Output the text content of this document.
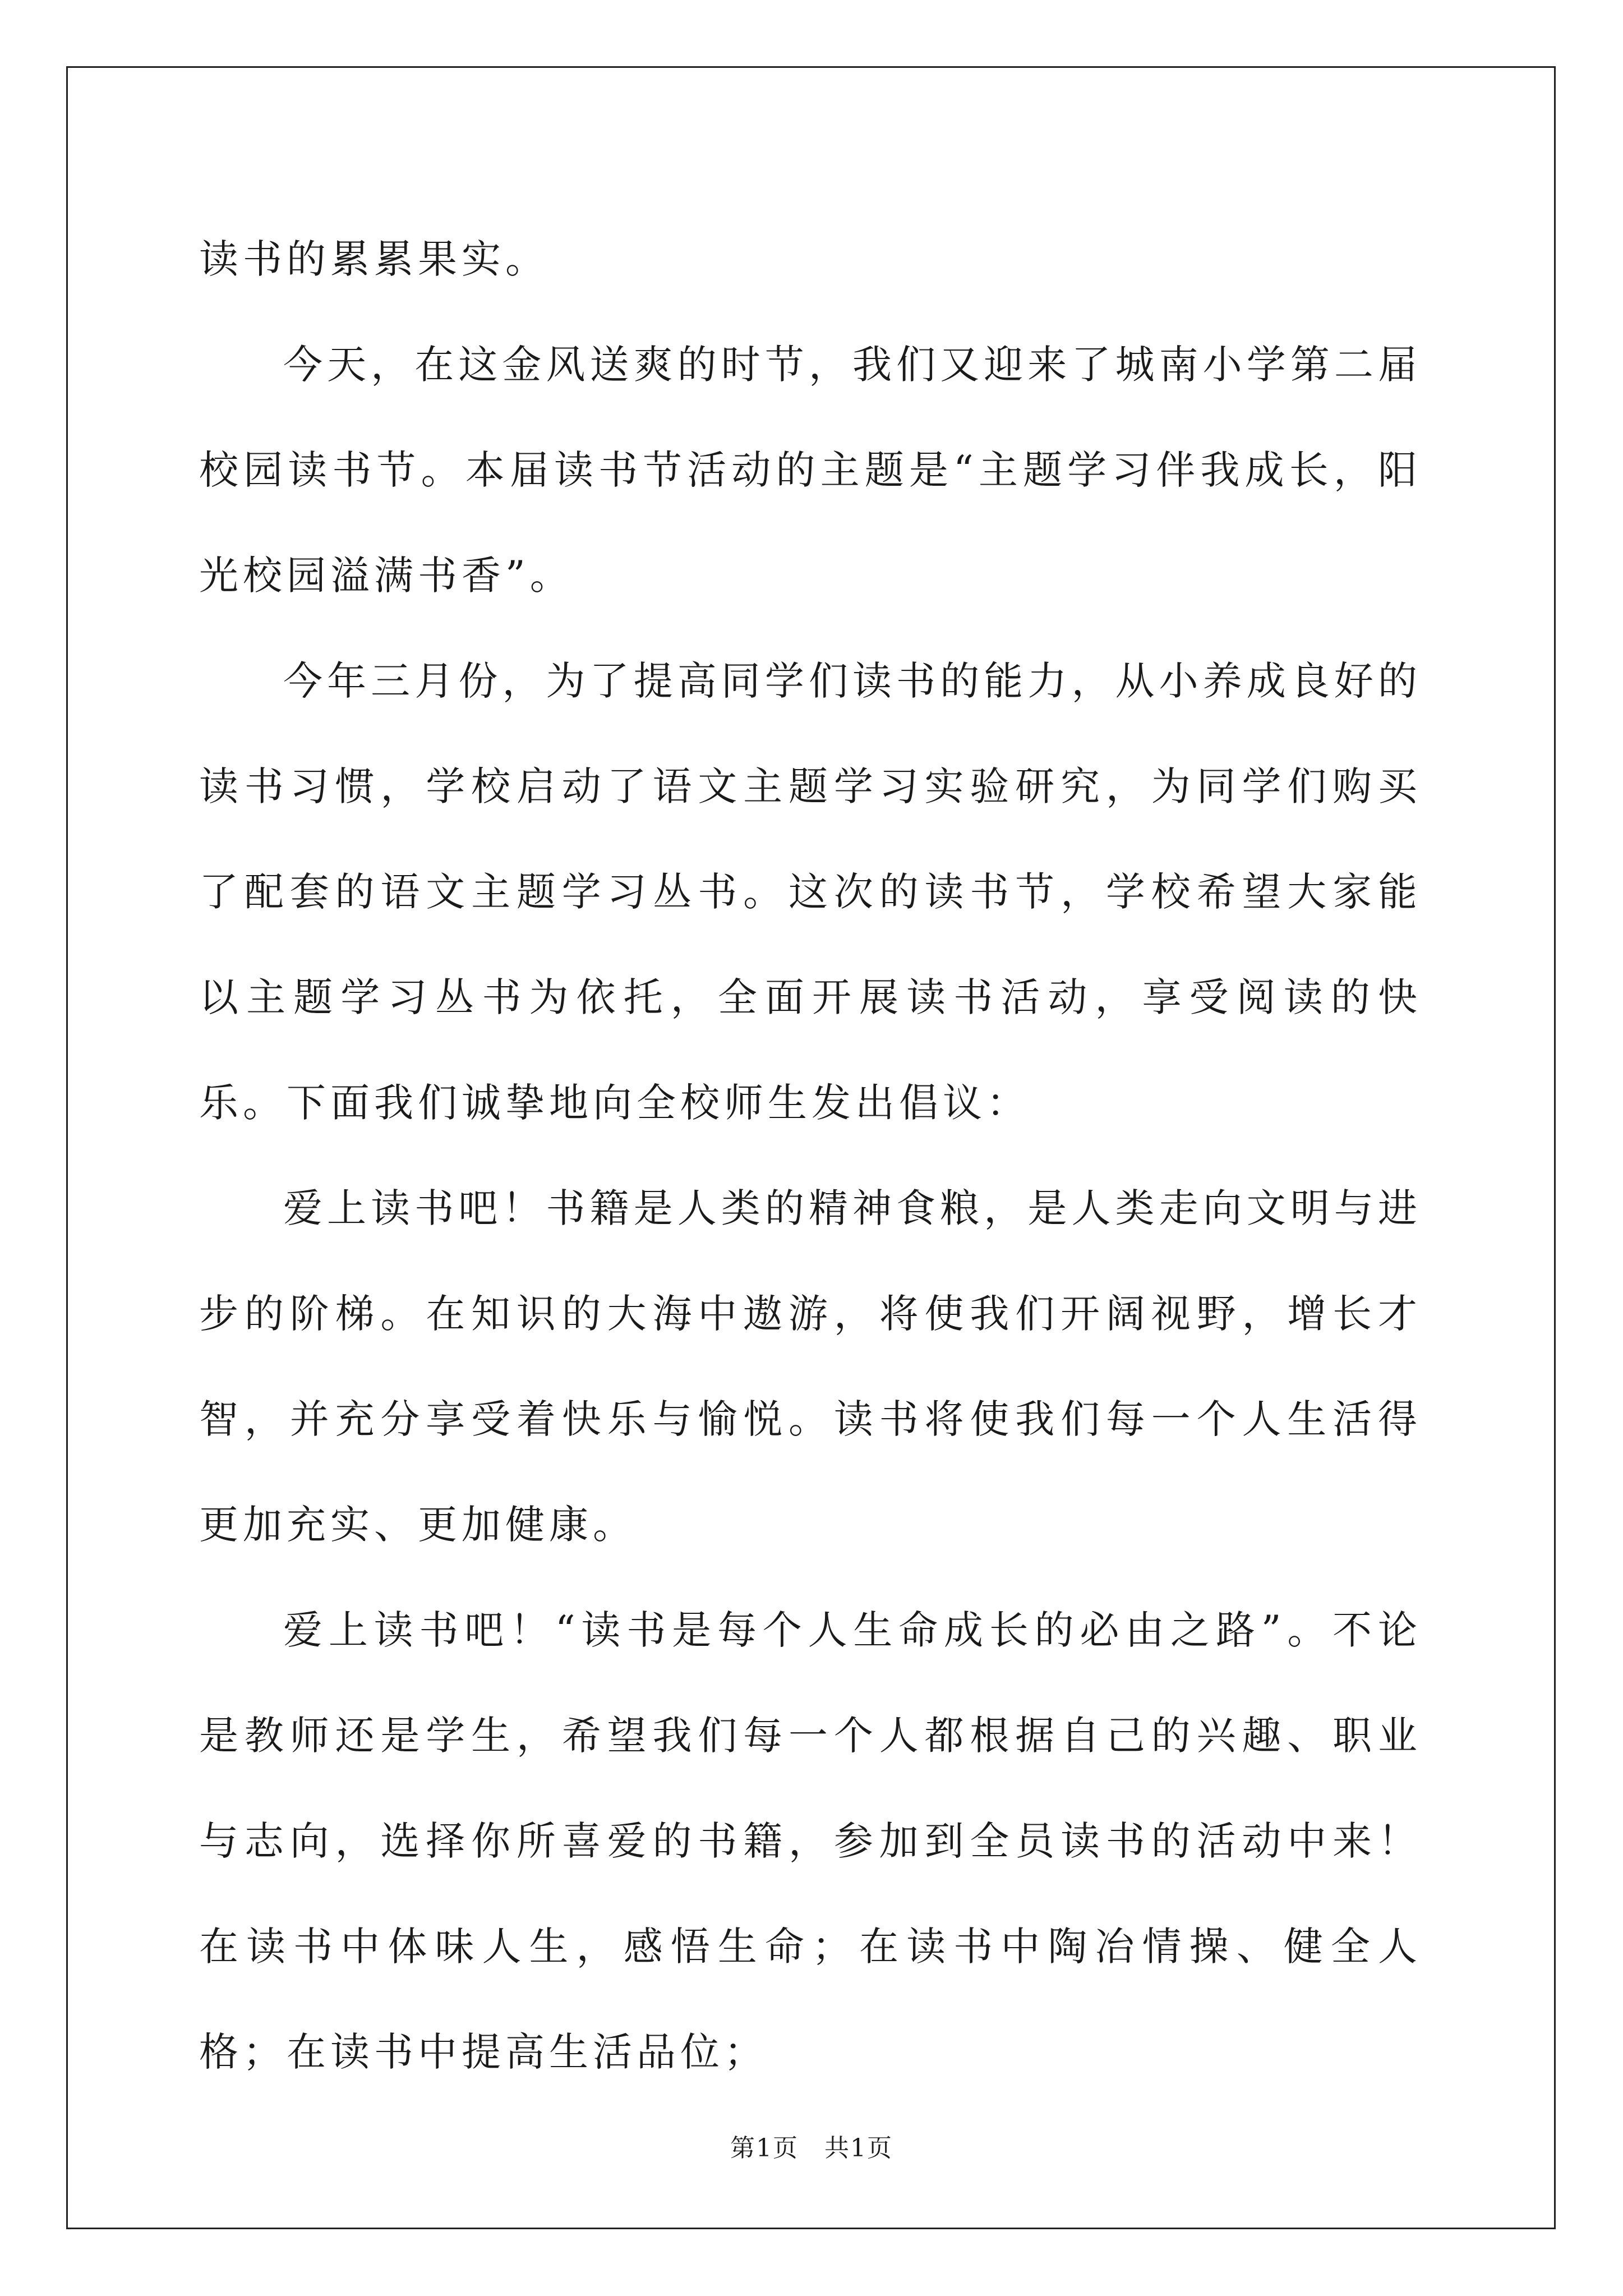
读书的累累果实。

今天，在这金风送爽的时节，我们又迎来了城南小学第二届校园读书节。本届读书节活动的主题是“主题学习伴我成长，阳光校园溢满书香”。

今年三月份，为了提高同学们读书的能力，从小养成良好的读书习惯，学校启动了语文主题学习实验研究，为同学们购买了配套的语文主题学习丛书。这次的读书节，学校希望大家能以主题学习丛书为依托，全面开展读书活动，享受阅读的快乐。下面我们诚挚地向全校师生发出倡议：

爱上读书吧！书籍是人类的精神食粮，是人类走向文明与进步的阶梯。在知识的大海中遨游，将使我们开阔视野，增长才智，并充分享受着快乐与愉悦。读书将使我们每一个人生活得更加充实、更加健康。

爱上读书吧！“读书是每个人生命成长的必由之路”。不论是教师还是学生，希望我们每一个人都根据自己的兴趣、职业与志向，选择你所喜爱的书籍，参加到全员读书的活动中来！在读书中体味人生，感悟生命；在读书中陶冶情操、健全人格；在读书中提高生活品位；

第1页　共1页
